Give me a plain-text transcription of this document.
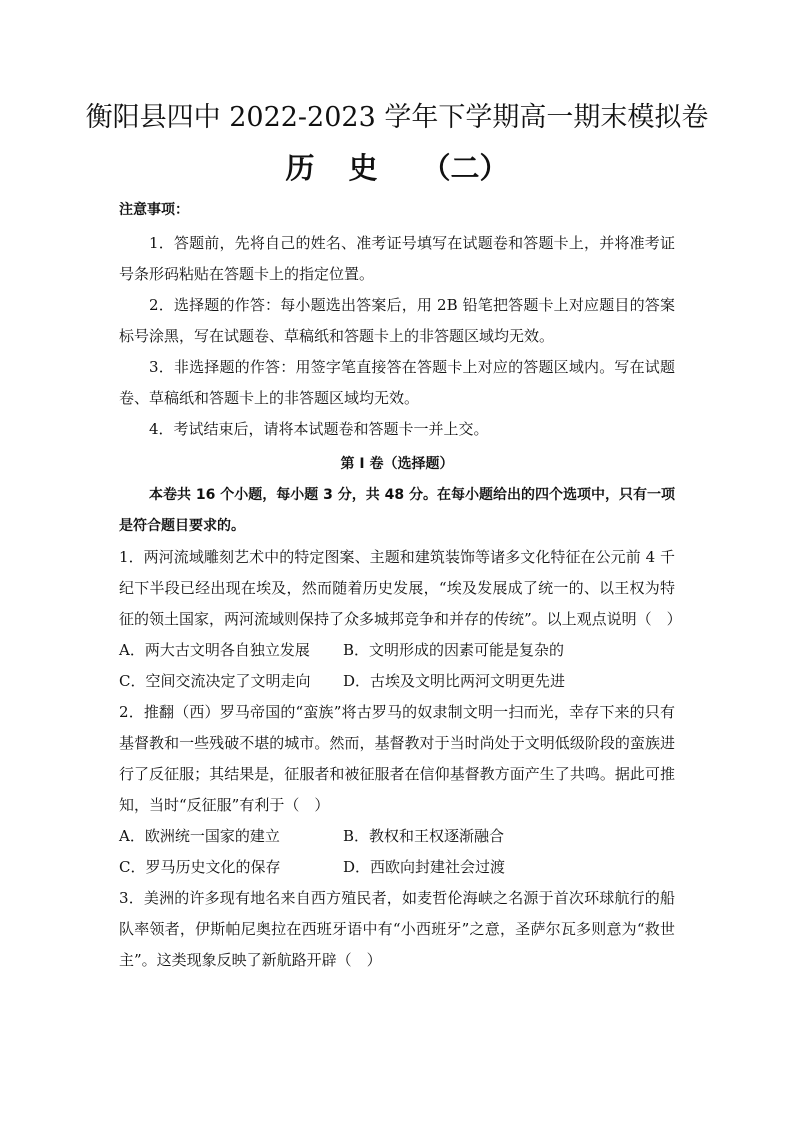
衡阳县四中 2022-2023 学年下学期高一期末模拟卷
历 史 （二）
注意事项：

1．答题前，先将自己的姓名、准考证号填写在试题卷和答题卡上，并将准考证号条形码粘贴在答题卡上的指定位置。

2．选择题的作答：每小题选出答案后，用 2B 铅笔把答题卡上对应题目的答案标号涂黑，写在试题卷、草稿纸和答题卡上的非答题区域均无效。

3．非选择题的作答：用签字笔直接答在答题卡上对应的答题区域内。写在试题卷、草稿纸和答题卡上的非答题区域均无效。

4．考试结束后，请将本试题卷和答题卡一并上交。

第 I 卷（选择题）

本卷共 16 个小题，每小题 3 分，共 48 分。在每小题给出的四个选项中，只有一项是符合题目要求的。

1．两河流域雕刻艺术中的特定图案、主题和建筑装饰等诸多文化特征在公元前 4 千纪下半段已经出现在埃及，然而随着历史发展，“埃及发展成了统一的、以王权为特征的领土国家，两河流域则保持了众多城邦竞争和并存的传统”。以上观点说明（　）

A．两大古文明各自独立发展	B．文明形成的因素可能是复杂的
C．空间交流决定了文明走向	D．古埃及文明比两河文明更先进

2．推翻（西）罗马帝国的“蛮族”将古罗马的奴隶制文明一扫而光，幸存下来的只有基督教和一些残破不堪的城市。然而，基督教对于当时尚处于文明低级阶段的蛮族进行了反征服；其结果是，征服者和被征服者在信仰基督教方面产生了共鸣。据此可推知，当时“反征服”有利于（　）

A．欧洲统一国家的建立	B．教权和王权逐渐融合
C．罗马历史文化的保存	D．西欧向封建社会过渡

3．美洲的许多现有地名来自西方殖民者，如麦哲伦海峡之名源于首次环球航行的船队率领者，伊斯帕尼奥拉在西班牙语中有“小西班牙”之意，圣萨尔瓦多则意为“救世主”。这类现象反映了新航路开辟（　）
